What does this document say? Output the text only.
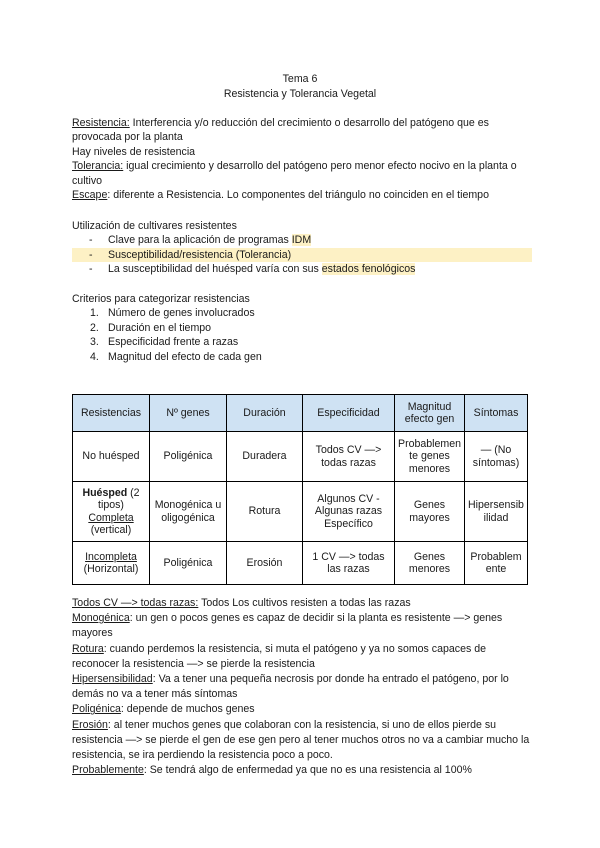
Tema 6
Resistencia y Tolerancia Vegetal
Resistencia: Interferencia y/o reducción del crecimiento o desarrollo del patógeno que es provocada por la planta
Hay niveles de resistencia
Tolerancia: igual crecimiento y desarrollo del patógeno pero menor efecto nocivo en la planta o cultivo
Escape: diferente a Resistencia. Lo componentes del triángulo no coinciden en el tiempo
Utilización de cultivares resistentes
- Clave para la aplicación de programas IDM
-	Susceptibilidad/resistencia (Tolerancia)
- La susceptibilidad del huésped varía con sus estados fenológicos
Criterios para categorizar resistencias
1. Número de genes involucrados
2. Duración en el tiempo
3. Especificidad frente a razas
4. Magnitud del efecto de cada gen
Resistencias	Nº genes	Duración	Especificidad	Magnitud efecto gen	Síntomas
No huésped	Poligénica	Duradera	Todos CV —> todas razas	Probablemente genes menores	— (No síntomas)
Huésped (2 tipos)
Completa
(vertical)	Monogénica u oligogénica	Rotura	Algunos CV - Algunas razas Específico	Genes mayores	Hipersensibilidad
Incompleta
(Horizontal)	Poligénica	Erosión	1 CV —> todas las razas	Genes menores	Probablemente
Todos CV —> todas razas: Todos Los cultivos resisten a todas las razas
Monogénica: un gen o pocos genes es capaz de decidir si la planta es resistente —> genes mayores
Rotura: cuando perdemos la resistencia, si muta el patógeno y ya no somos capaces de reconocer la resistencia —> se pierde la resistencia
Hipersensibilidad: Va a tener una pequeña necrosis por donde ha entrado el patógeno, por lo demás no va a tener más síntomas
Poligénica: depende de muchos genes
Erosión: al tener muchos genes que colaboran con la resistencia, si uno de ellos pierde su resistencia —> se pierde el gen de ese gen pero al tener muchos otros no va a cambiar mucho la resistencia, se ira perdiendo la resistencia poco a poco.
Probablemente: Se tendrá algo de enfermedad ya que no es una resistencia al 100%
